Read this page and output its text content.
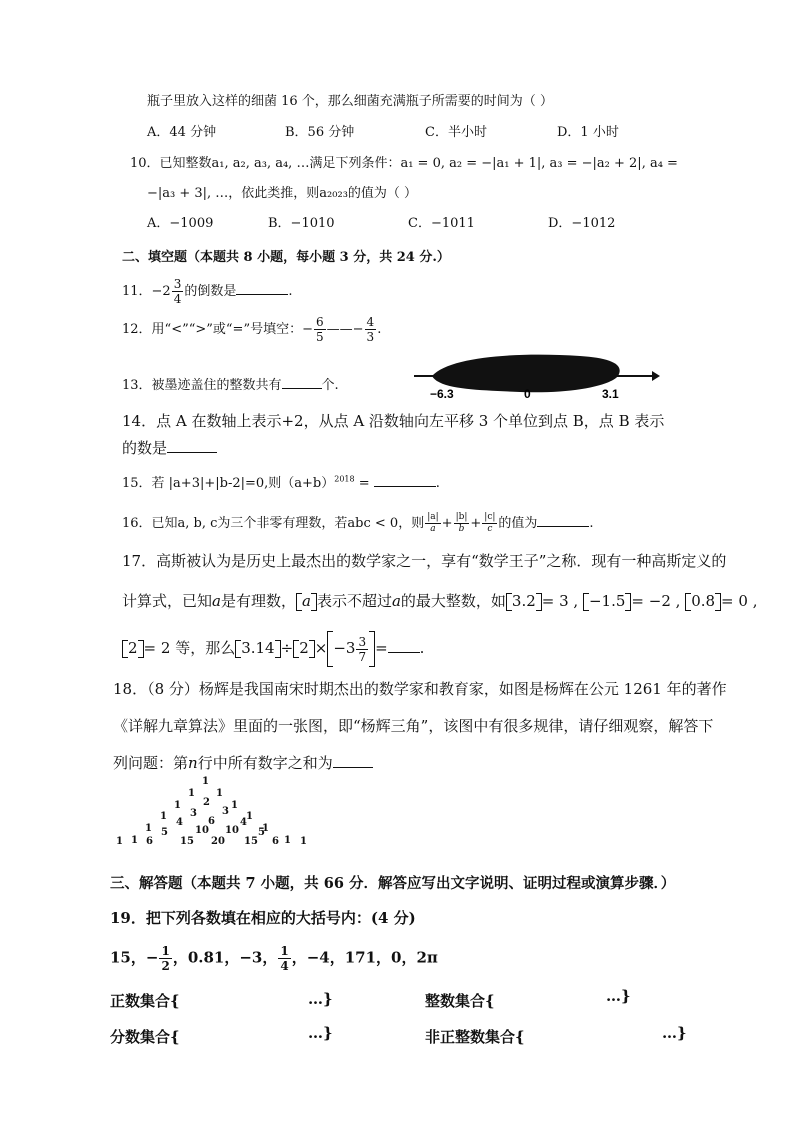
瓶子里放入这样的细菌 16 个，那么细菌充满瓶子所需要的时间为（ ）
A．44 分钟	B．56 分钟	C．半小时	D．1 小时
10．已知整数a₁, a₂, a₃, a₄, …满足下列条件：a₁ = 0, a₂ = −|a₁ + 1|, a₃ = −|a₂ + 2|, a₄ =
−|a₃ + 3|, …，依此类推，则a₂₀₂₃的值为（ ）
A．−1009	B．−1010	C．−1011	D．−1012
二、填空题（本题共 8 小题，每小题 3 分，共 24 分.）
11．$-2 \frac{3}{4}$ 的倒数是	.
12．用“<”“>”或“=”号填空：− $\frac{6}{5}$ ——− $\frac{4}{3}$ .
13．被墨迹盖住的整数共有	个.
−6.3	0	3.1
14．点 A 在数轴上表示+2，从点 A 沿数轴向左平移 3 个单位到点 B，点 B 表示
的数是
15．若 |a+3|+|b-2|=0,则$(a+b)^{2018}$ =	.
16．已知a, b, c为三个非零有理数，若abc < 0，则 $\frac{|a|}{a} + \frac{|b|}{b} + \frac{|c|}{c}$ 的值为	.
17．高斯被认为是历史上最杰出的数学家之一，享有“数学王子”之称．现有一种高斯定义的
计算式，已知a是有理数， a 表示不超过a的最大整数，如 3.2 = 3 , −1.5 = −2 , 0.8 = 0 ,
2 = 2 等，那么 $3.14 \div 2 \times -3 \frac{3}{7}$ = .
18．（8 分）杨辉是我国南宋时期杰出的数学家和教育家，如图是杨辉在公元 1261 年的著作
《详解九章算法》里面的一张图，即“杨辉三角”，该图中有很多规律，请仔细观察，解答下
列问题：第n行中所有数字之和为
1
1 1
1 2 1
1 3	3 1
1
4	6	4
1
1
5	10 10 5
1
1 6	15 20 15 6 1
三、解答题（本题共 7 小题，共 66 分．解答应写出文字说明、证明过程或演算步骤．）
19．把下列各数填在相应的大括号内：(4 分)
15，− $\frac{1}{2}$ ，0.81，−3， $\frac{1}{4}$ ，−4，171，0，2π
正数集合{	…}	整数集合{	…}
分数集合{	…}	非正整数集合{	…}
